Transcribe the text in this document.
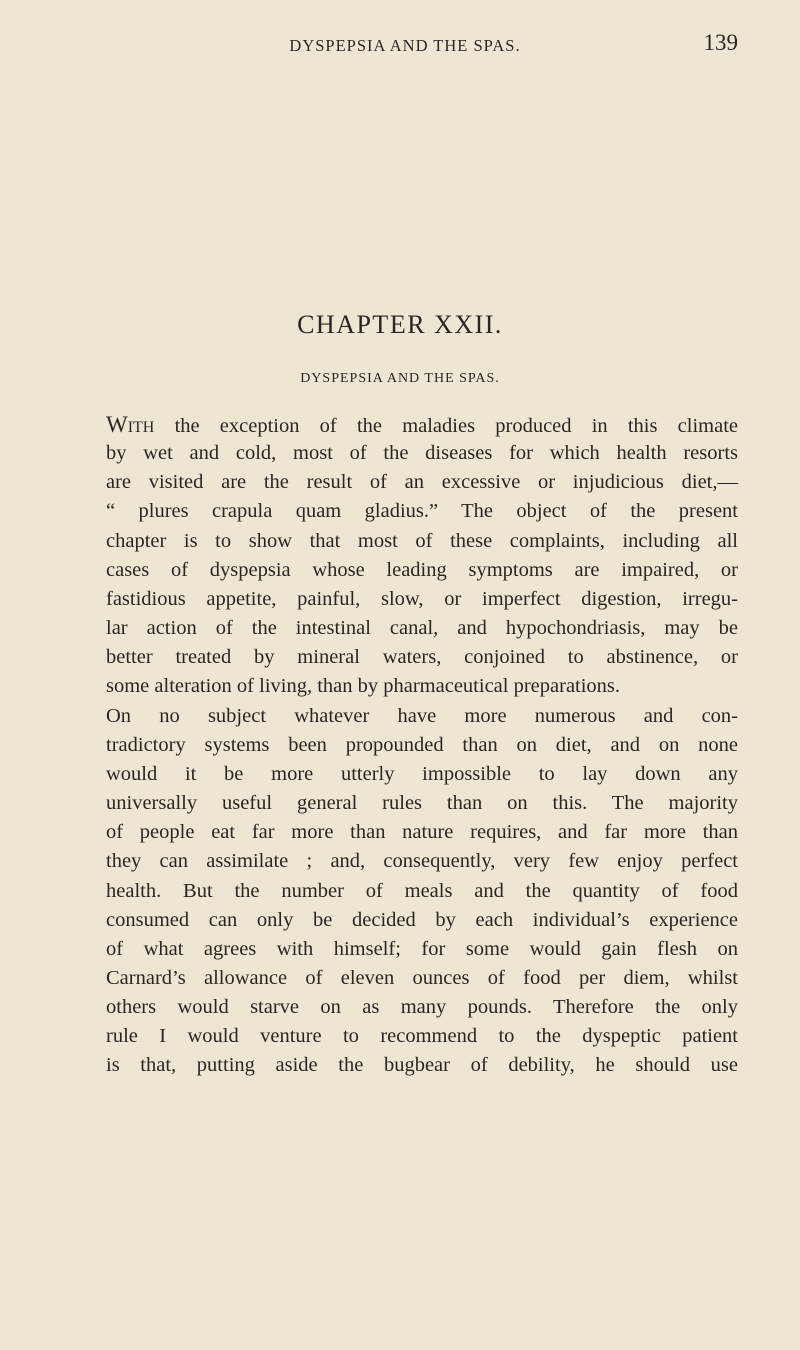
DYSPEPSIA AND THE SPAS.	139
CHAPTER XXII.
DYSPEPSIA AND THE SPAS.
With the exception of the maladies produced in this climate
by wet and cold, most of the diseases for which health resorts
are visited are the result of an excessive or injudicious diet,—
“ plures crapula quam gladius.” The object of the present
chapter is to show that most of these complaints, including all
cases of dyspepsia whose leading symptoms are impaired, or
fastidious appetite, painful, slow, or imperfect digestion, irregu-
lar action of the intestinal canal, and hypochondriasis, may be
better treated by mineral waters, conjoined to abstinence, or
some alteration of living, than by pharmaceutical preparations.
On no subject whatever have more numerous and con-
tradictory systems been propounded than on diet, and on none
would it be more utterly impossible to lay down any
universally useful general rules than on this. The majority
of people eat far more than nature requires, and far more than
they can assimilate ; and, consequently, very few enjoy perfect
health. But the number of meals and the quantity of food
consumed can only be decided by each individual’s experience
of what agrees with himself; for some would gain flesh on
Carnard’s allowance of eleven ounces of food per diem, whilst
others would starve on as many pounds. Therefore the only
rule I would venture to recommend to the dyspeptic patient
is that, putting aside the bugbear of debility, he should use
